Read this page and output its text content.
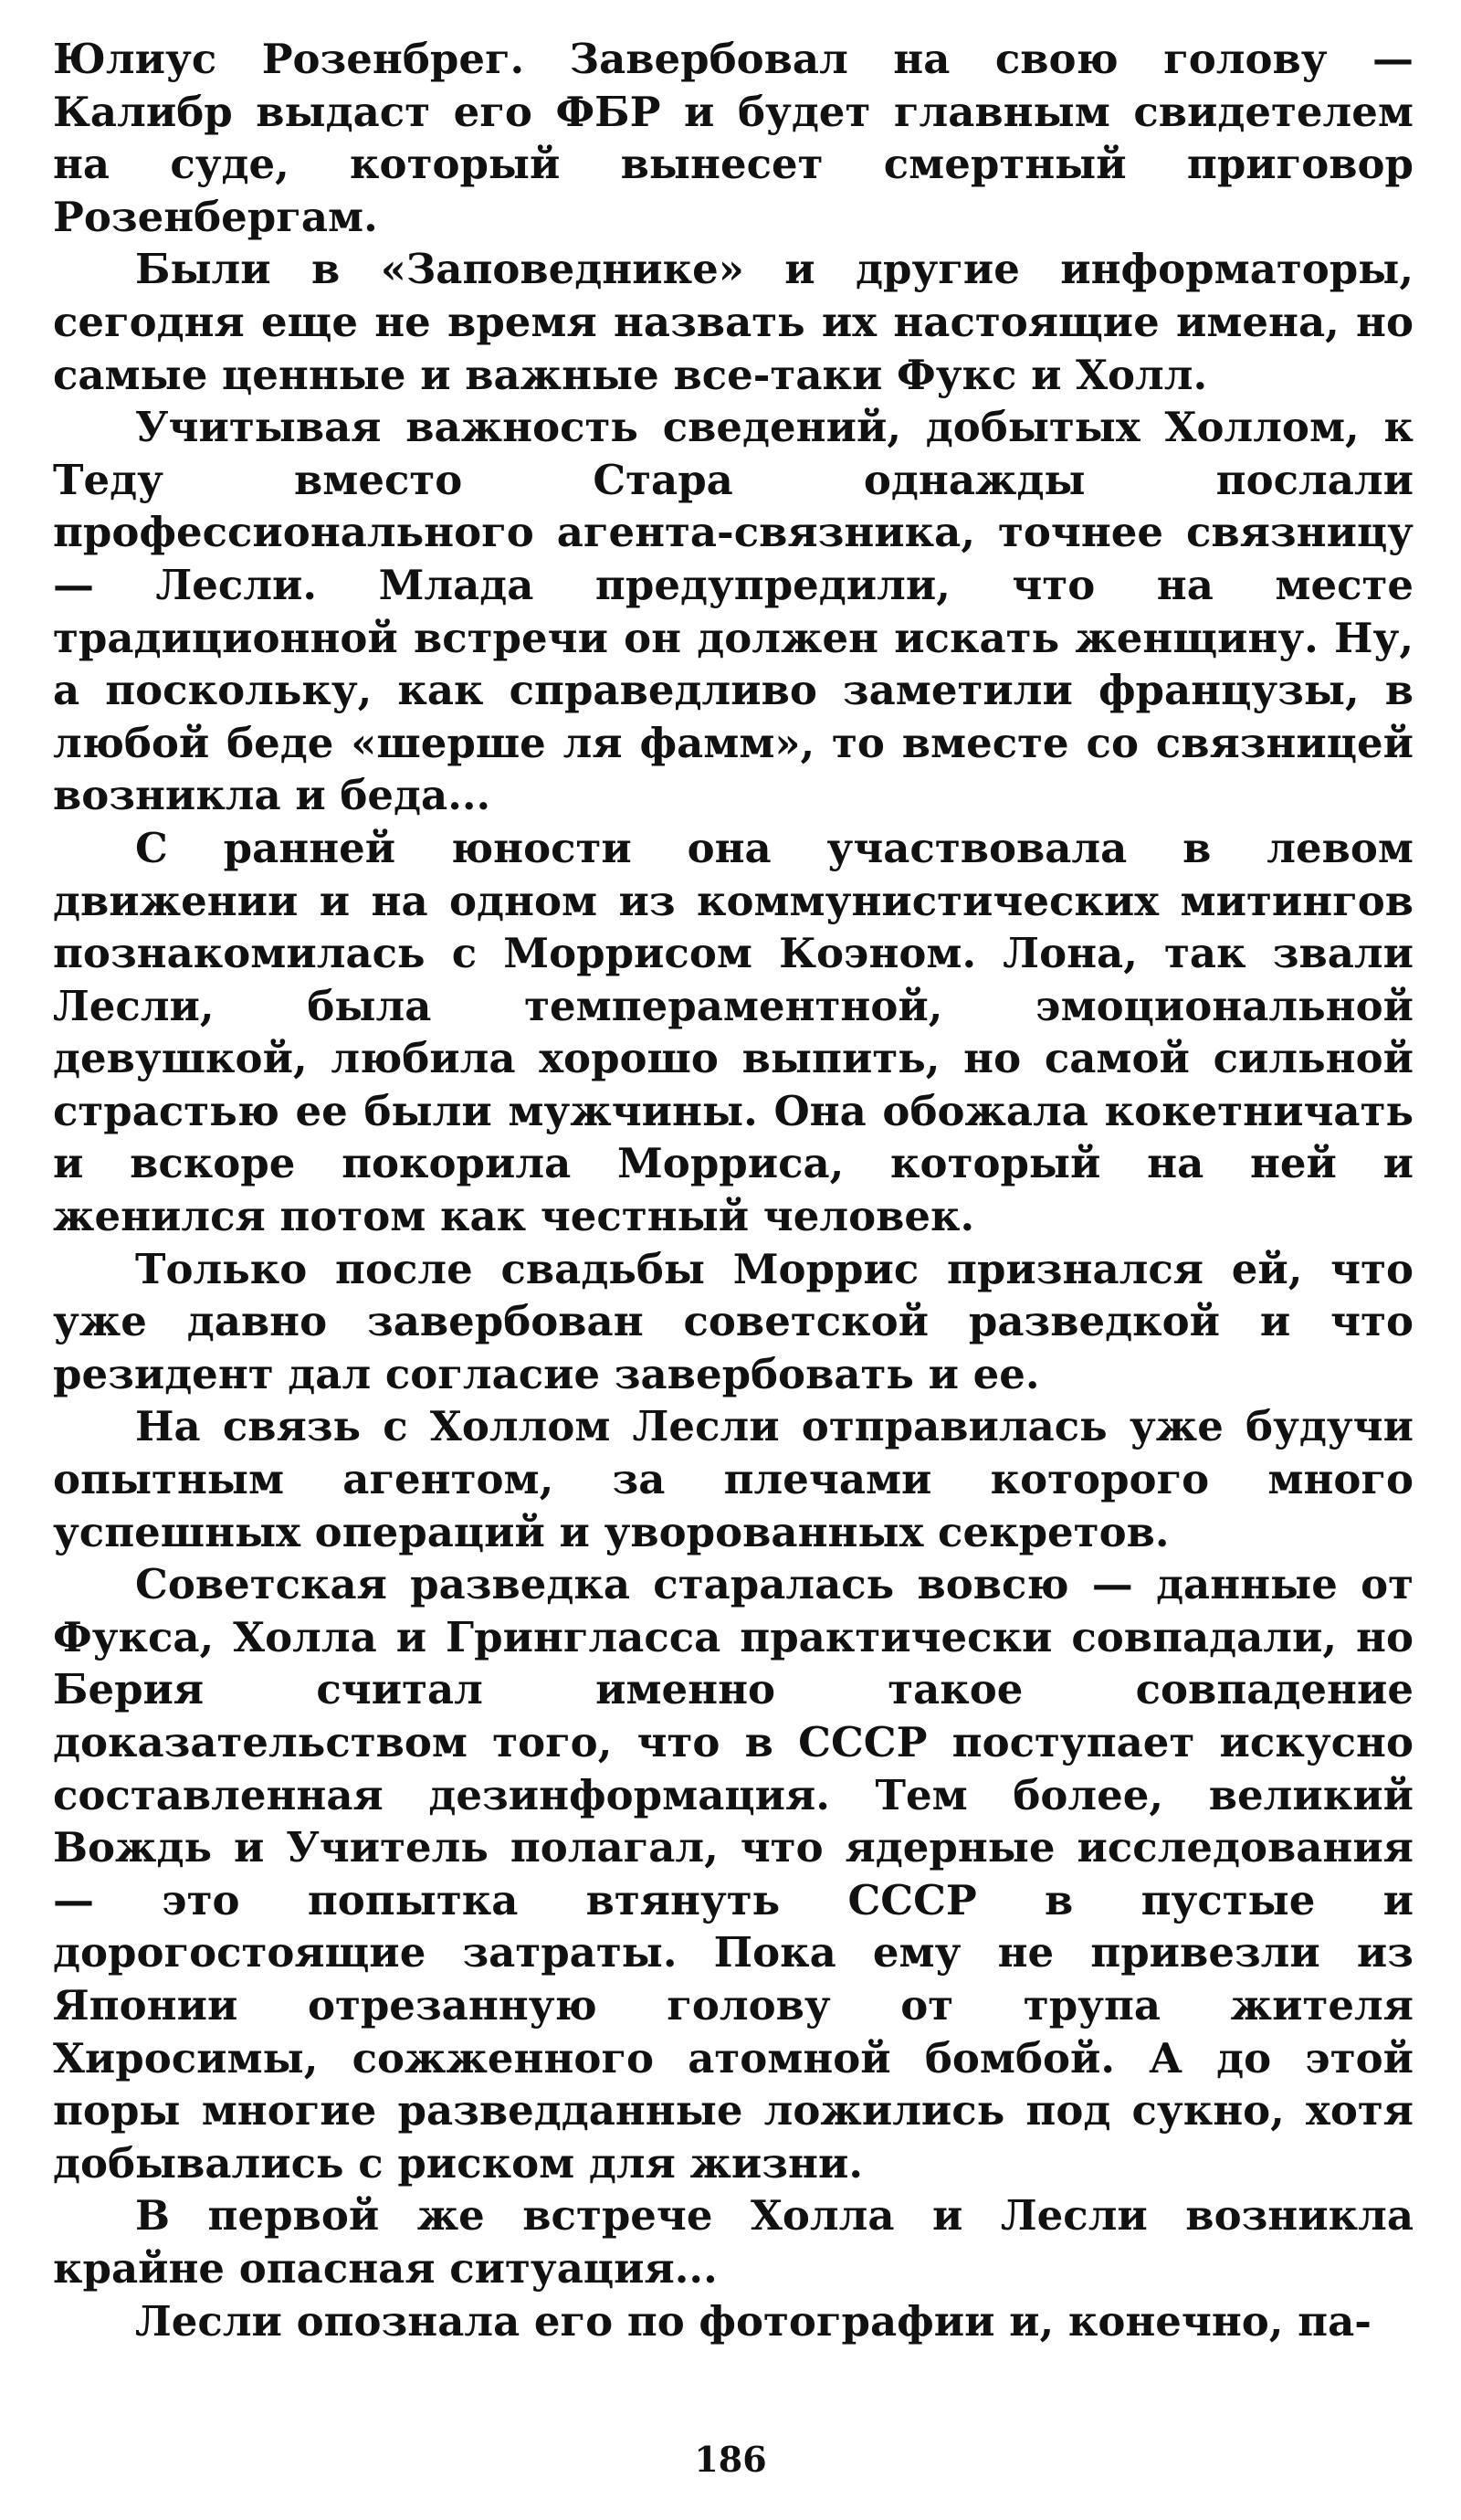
Юлиус Розенбрег. Завербовал на свою голову — Калибр выдаст его ФБР и будет главным свидетелем на суде, который вынесет смертный приговор Розенбергам.

Были в «Заповеднике» и другие информаторы, сегодня еще не время назвать их настоящие имена, но самые ценные и важные все-таки Фукс и Холл.

Учитывая важность сведений, добытых Холлом, к Теду вместо Стара однажды послали профессионального агента-связника, точнее связницу — Лесли. Млада предупредили, что на месте традиционной встречи он должен искать женщину. Ну, а поскольку, как справедливо заметили французы, в любой беде «шерше ля фамм», то вместе со связницей возникла и беда...

С ранней юности она участвовала в левом движении и на одном из коммунистических митингов познакомилась с Моррисом Коэном. Лона, так звали Лесли, была темпераментной, эмоциональной девушкой, любила хорошо выпить, но самой сильной страстью ее были мужчины. Она обожала кокетничать и вскоре покорила Морриса, который на ней и женился потом как честный человек.

Только после свадьбы Моррис признался ей, что уже давно завербован советской разведкой и что резидент дал согласие завербовать и ее.

На связь с Холлом Лесли отправилась уже будучи опытным агентом, за плечами которого много успешных операций и уворованных секретов.

Советская разведка старалась вовсю — данные от Фукса, Холла и Грингласса практически совпадали, но Берия считал именно такое совпадение доказательством того, что в СССР поступает искусно составленная дезинформация. Тем более, великий Вождь и Учитель полагал, что ядерные исследования — это попытка втянуть СССР в пустые и дорогостоящие затраты. Пока ему не привезли из Японии отрезанную голову от трупа жителя Хиросимы, сожженного атомной бомбой. А до этой поры многие разведданные ложились под сукно, хотя добывались с риском для жизни.

В первой же встрече Холла и Лесли возникла крайне опасная ситуация...

Лесли опознала его по фотографии и, конечно, па-

186
